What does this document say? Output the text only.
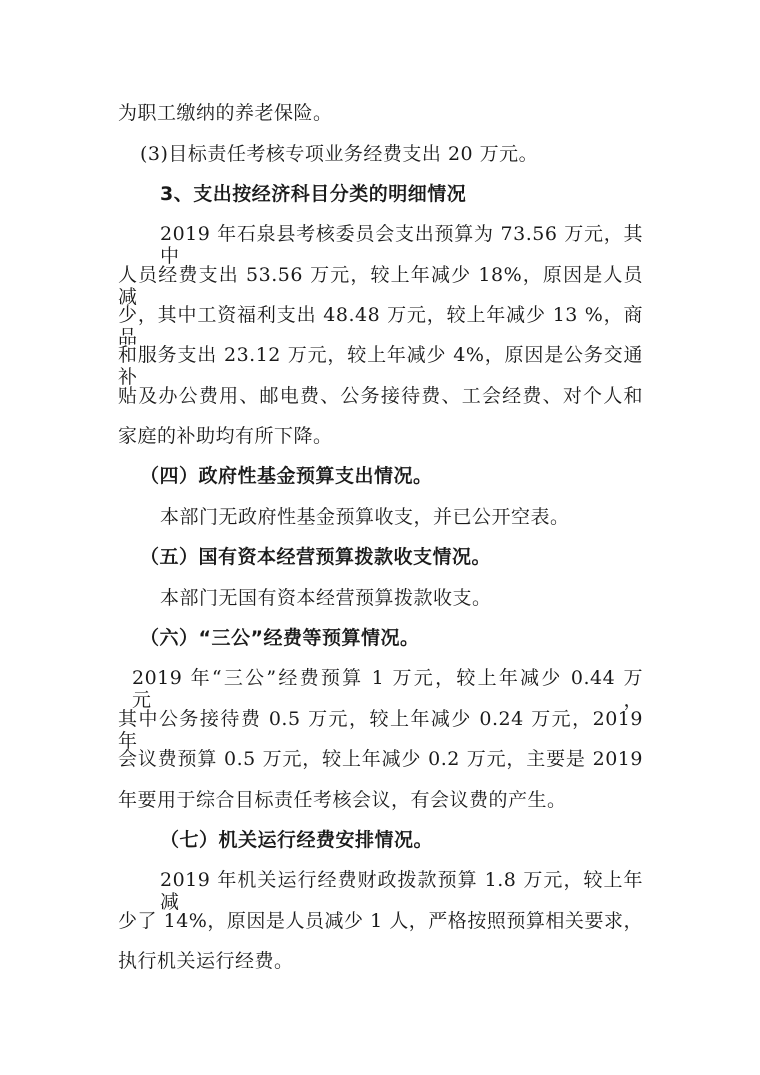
为职工缴纳的养老保险。
(3)目标责任考核专项业务经费支出 20 万元。
3、支出按经济科目分类的明细情况
2019 年石泉县考核委员会支出预算为 73.56 万元，其中
人员经费支出 53.56 万元，较上年减少 18%，原因是人员减
少，其中工资福利支出 48.48 万元，较上年减少 13 %，商品
和服务支出 23.12 万元，较上年减少 4%，原因是公务交通补
贴及办公费用、邮电费、公务接待费、工会经费、对个人和
家庭的补助均有所下降。
（四）政府性基金预算支出情况。
本部门无政府性基金预算收支，并已公开空表。
（五）国有资本经营预算拨款收支情况。
本部门无国有资本经营预算拨款收支。
（六）“三公”经费等预算情况。
2019 年“三公”经费预算 1 万元，较上年减少 0.44 万元，
其中公务接待费 0.5 万元，较上年减少 0.24 万元，2019 年
会议费预算 0.5 万元，较上年减少 0.2 万元，主要是 2019
年要用于综合目标责任考核会议，有会议费的产生。
（七）机关运行经费安排情况。
2019 年机关运行经费财政拨款预算 1.8 万元，较上年减
少了 14%，原因是人员减少 1 人，严格按照预算相关要求，
执行机关运行经费。
